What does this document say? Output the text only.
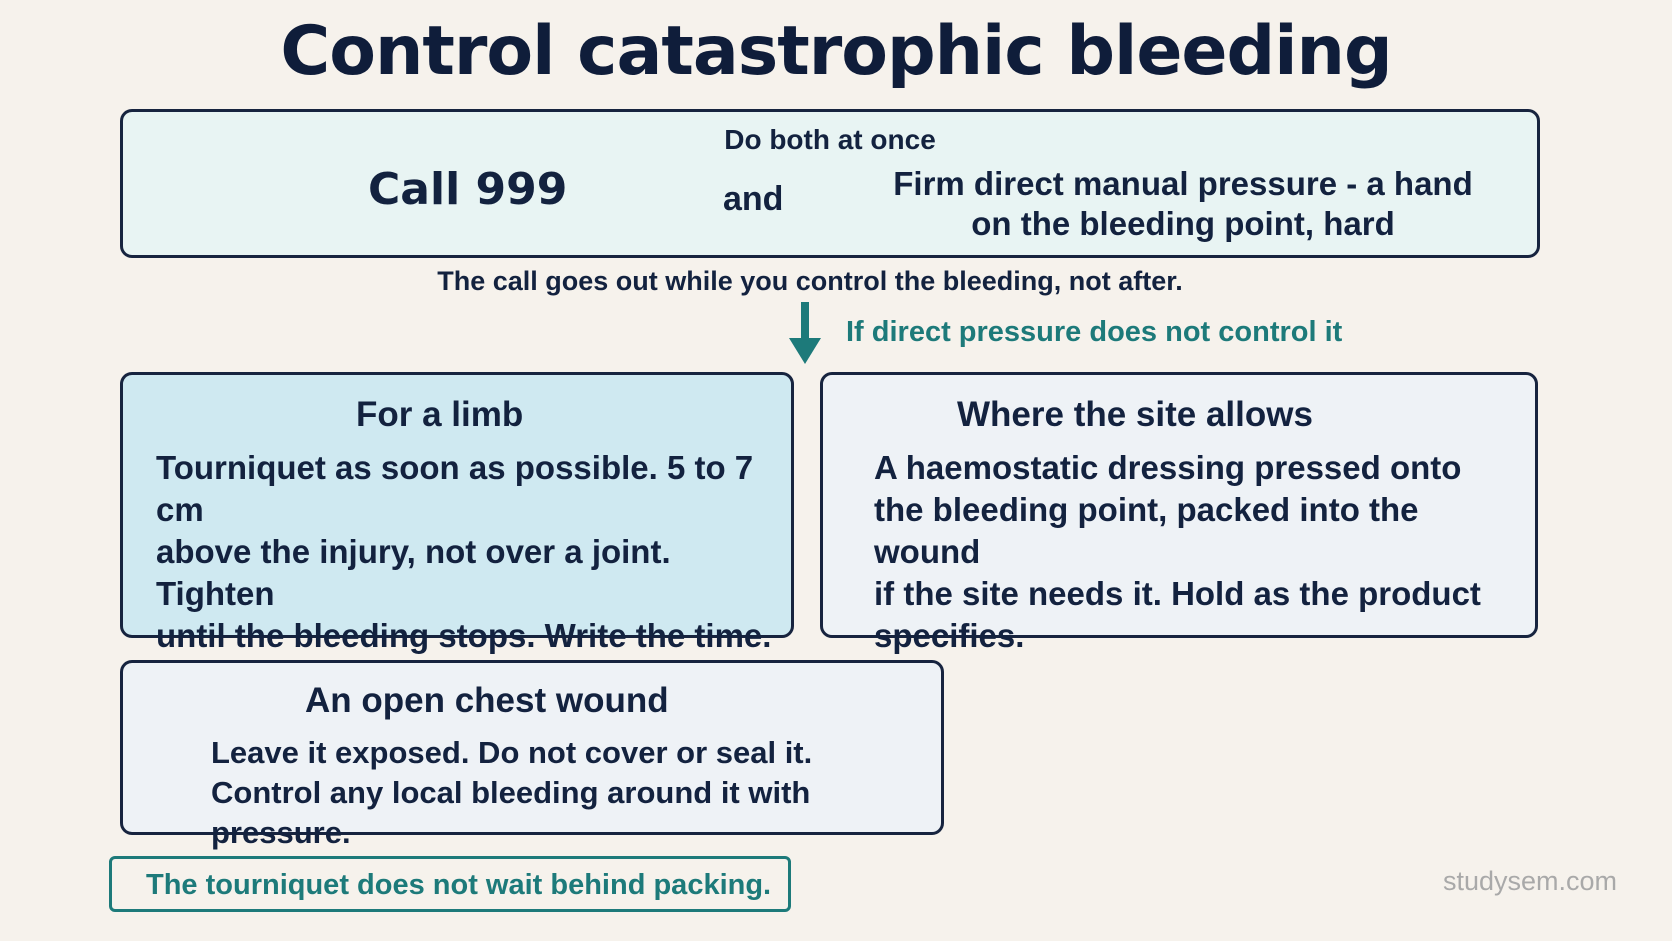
Control catastrophic bleeding
Do both at once
Call 999	and	Firm direct manual pressure - a hand
on the bleeding point, hard
The call goes out while you control the bleeding, not after.
If direct pressure does not control it
For a limb
Tourniquet as soon as possible. 5 to 7 cm
above the injury, not over a joint. Tighten
until the bleeding stops. Write the time.
Where the site allows
A haemostatic dressing pressed onto
the bleeding point, packed into the wound
if the site needs it. Hold as the product
specifies.
An open chest wound
Leave it exposed. Do not cover or seal it.
Control any local bleeding around it with pressure.
The tourniquet does not wait behind packing.	studysem.com
